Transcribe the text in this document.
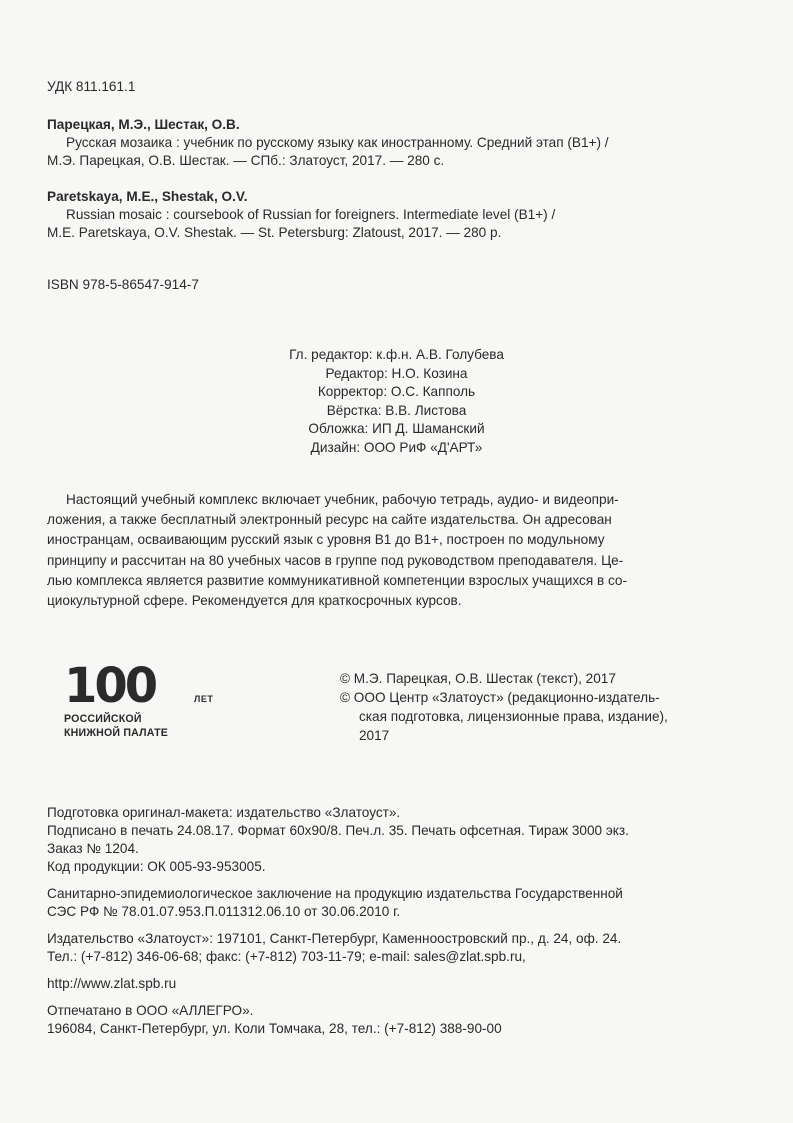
УДК 811.161.1

Парецкая, М.Э., Шестак, О.В.

Русская мозаика : учебник по русскому языку как иностранному. Средний этап (B1+) /

М.Э. Парецкая, О.В. Шестак. — СПб.: Златоуст, 2017. — 280 с.

Paretskaya, M.E., Shestak, O.V.

Russian mosaic : coursebook of Russian for foreigners. Intermediate level (B1+) /

M.E. Paretskaya, O.V. Shestak. — St. Petersburg: Zlatoust, 2017. — 280 p.

ISBN 978-5-86547-914-7

Гл. редактор: к.ф.н. А.В. Голубева
Редактор: Н.О. Козина
Корректор: О.С. Капполь
Вёрстка: В.В. Листова
Обложка: ИП Д. Шаманский
Дизайн: ООО РиФ «Д'АРТ»
Настоящий учебный комплекс включает учебник, рабочую тетрадь, аудио- и видеопри-
ложения, а также бесплатный электронный ресурс на сайте издательства. Он адресован
иностранцам, осваивающим русский язык с уровня B1 до B1+, построен по модульному
принципу и рассчитан на 80 учебных часов в группе под руководством преподавателя. Це-
лью комплекса является развитие коммуникативной компетенции взрослых учащихся в со-
циокультурной сфере. Рекомендуется для краткосрочных курсов.
100	ЛЕТ
РОССИЙСКОЙ
КНИЖНОЙ ПАЛАТЕ

© М.Э. Парецкая, О.В. Шестак (текст), 2017

© ООО Центр «Златоуст» (редакционно-издатель-

ская подготовка, лицензионные права, издание),

2017

Подготовка оригинал-макета: издательство «Златоуст».

Подписано в печать 24.08.17. Формат 60х90/8. Печ.л. 35. Печать офсетная. Тираж 3000 экз.

Заказ № 1204.

Код продукции: ОК 005-93-953005.

Санитарно-эпидемиологическое заключение на продукцию издательства Государственной

СЭС РФ № 78.01.07.953.П.011312.06.10 от 30.06.2010 г.

Издательство «Златоуст»: 197101, Санкт-Петербург, Каменноостровский пр., д. 24, оф. 24.

Тел.: (+7-812) 346-06-68; факс: (+7-812) 703-11-79; e-mail: sales@zlat.spb.ru,

http://www.zlat.spb.ru

Отпечатано в ООО «АЛЛЕГРО».

196084, Санкт-Петербург, ул. Коли Томчака, 28, тел.: (+7-812) 388-90-00
